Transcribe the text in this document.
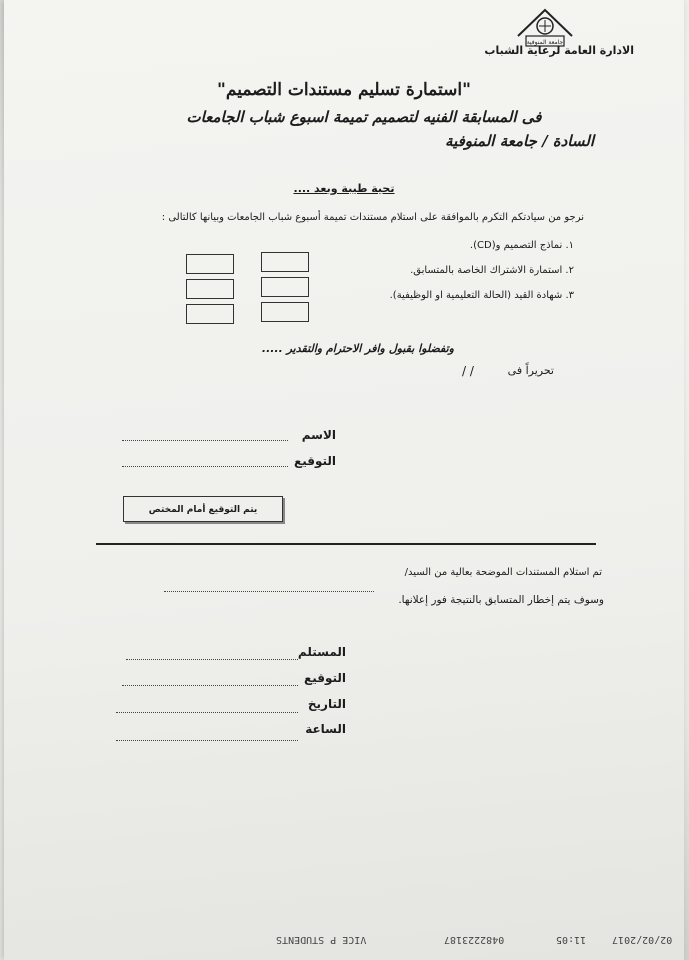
جامعة المنوفية
الادارة العامة لرعاية الشباب
"استمارة تسليم مستندات التصميم"
فى المسابقة الفنيه لتصميم تميمة اسبوع شباب الجامعات
السادة / جامعة المنوفية
تحية طيبة وبعد ....
نرجو من سيادتكم التكرم بالموافقة على استلام مستندات تميمة أسبوع شباب الجامعات وبيانها كالتالى :
١. نماذج التصميم و(CD).
٢. استمارة الاشتراك الخاصة بالمتسابق.
٣. شهادة القيد (الحالة التعليمية او الوظيفية).
وتفضلوا بقبول وافر الاحترام والتقدير .....
تحريراً فى
/ /
الاسم
التوقيع
يتم التوقيع أمام المختص
تم استلام المستندات الموضحة بعالية من السيد/
وسوف يتم إخطار المتسابق بالنتيجة فور إعلانها.
المستلم
التوقيع
التاريخ
الساعة
VICE P STUDENTS	0482223187	11:05	02/02/2017
